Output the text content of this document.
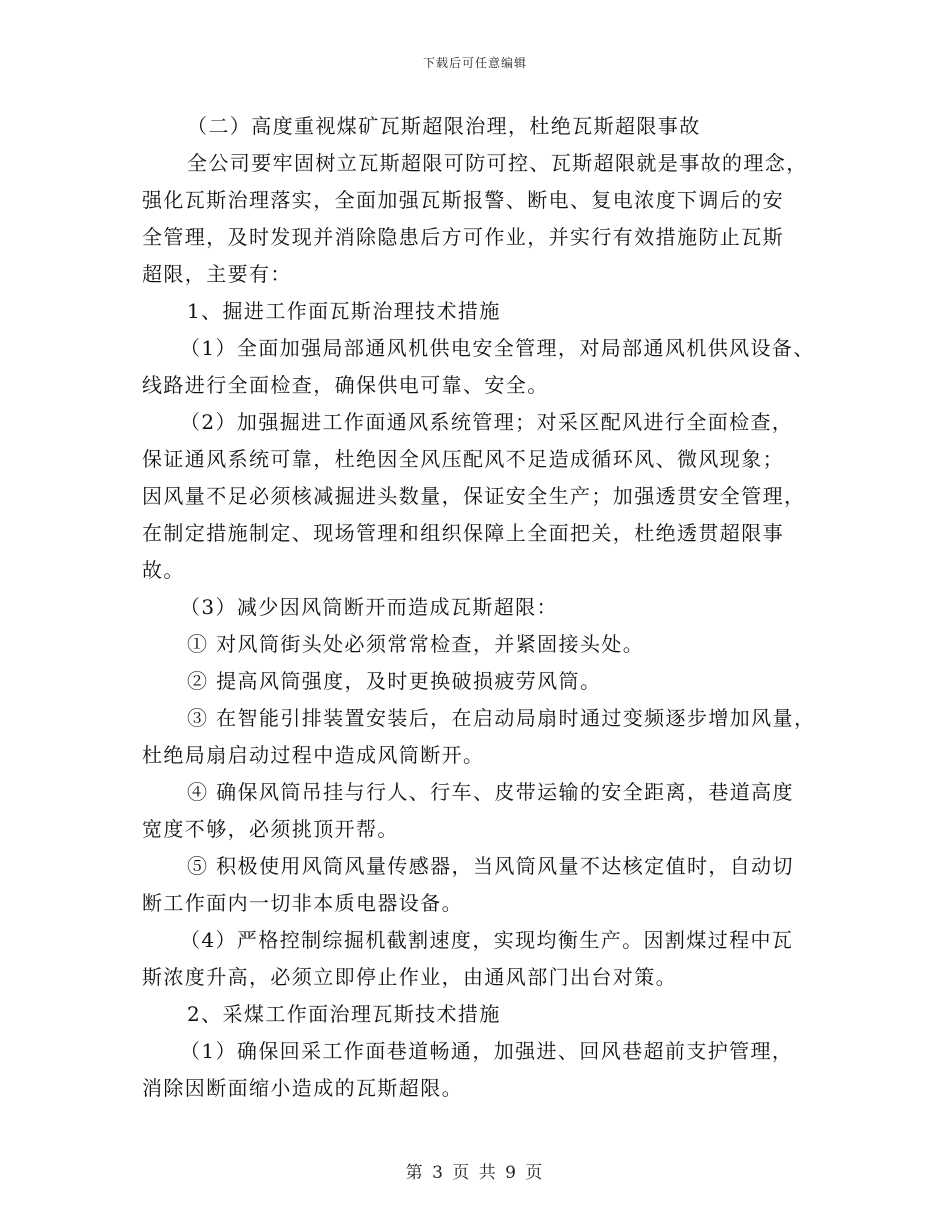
下载后可任意编辑
（二）高度重视煤矿瓦斯超限治理，杜绝瓦斯超限事故
全公司要牢固树立瓦斯超限可防可控、瓦斯超限就是事故的理念，
强化瓦斯治理落实，全面加强瓦斯报警、断电、复电浓度下调后的安
全管理，及时发现并消除隐患后方可作业，并实行有效措施防止瓦斯
超限，主要有：
1、掘进工作面瓦斯治理技术措施
（1）全面加强局部通风机供电安全管理，对局部通风机供风设备、
线路进行全面检查，确保供电可靠、安全。
（2）加强掘进工作面通风系统管理；对采区配风进行全面检查，
保证通风系统可靠，杜绝因全风压配风不足造成循环风、微风现象；
因风量不足必须核减掘进头数量，保证安全生产；加强透贯安全管理，
在制定措施制定、现场管理和组织保障上全面把关，杜绝透贯超限事
故。
（3）减少因风筒断开而造成瓦斯超限：
① 对风筒街头处必须常常检查，并紧固接头处。
② 提高风筒强度，及时更换破损疲劳风筒。
③ 在智能引排装置安装后，在启动局扇时通过变频逐步增加风量，
杜绝局扇启动过程中造成风筒断开。
④ 确保风筒吊挂与行人、行车、皮带运输的安全距离，巷道高度
宽度不够，必须挑顶开帮。
⑤ 积极使用风筒风量传感器，当风筒风量不达核定值时，自动切
断工作面内一切非本质电器设备。
（4）严格控制综掘机截割速度，实现均衡生产。因割煤过程中瓦
斯浓度升高，必须立即停止作业，由通风部门出台对策。
2、采煤工作面治理瓦斯技术措施
（1）确保回采工作面巷道畅通，加强进、回风巷超前支护管理，
消除因断面缩小造成的瓦斯超限。
第 3 页 共 9 页
